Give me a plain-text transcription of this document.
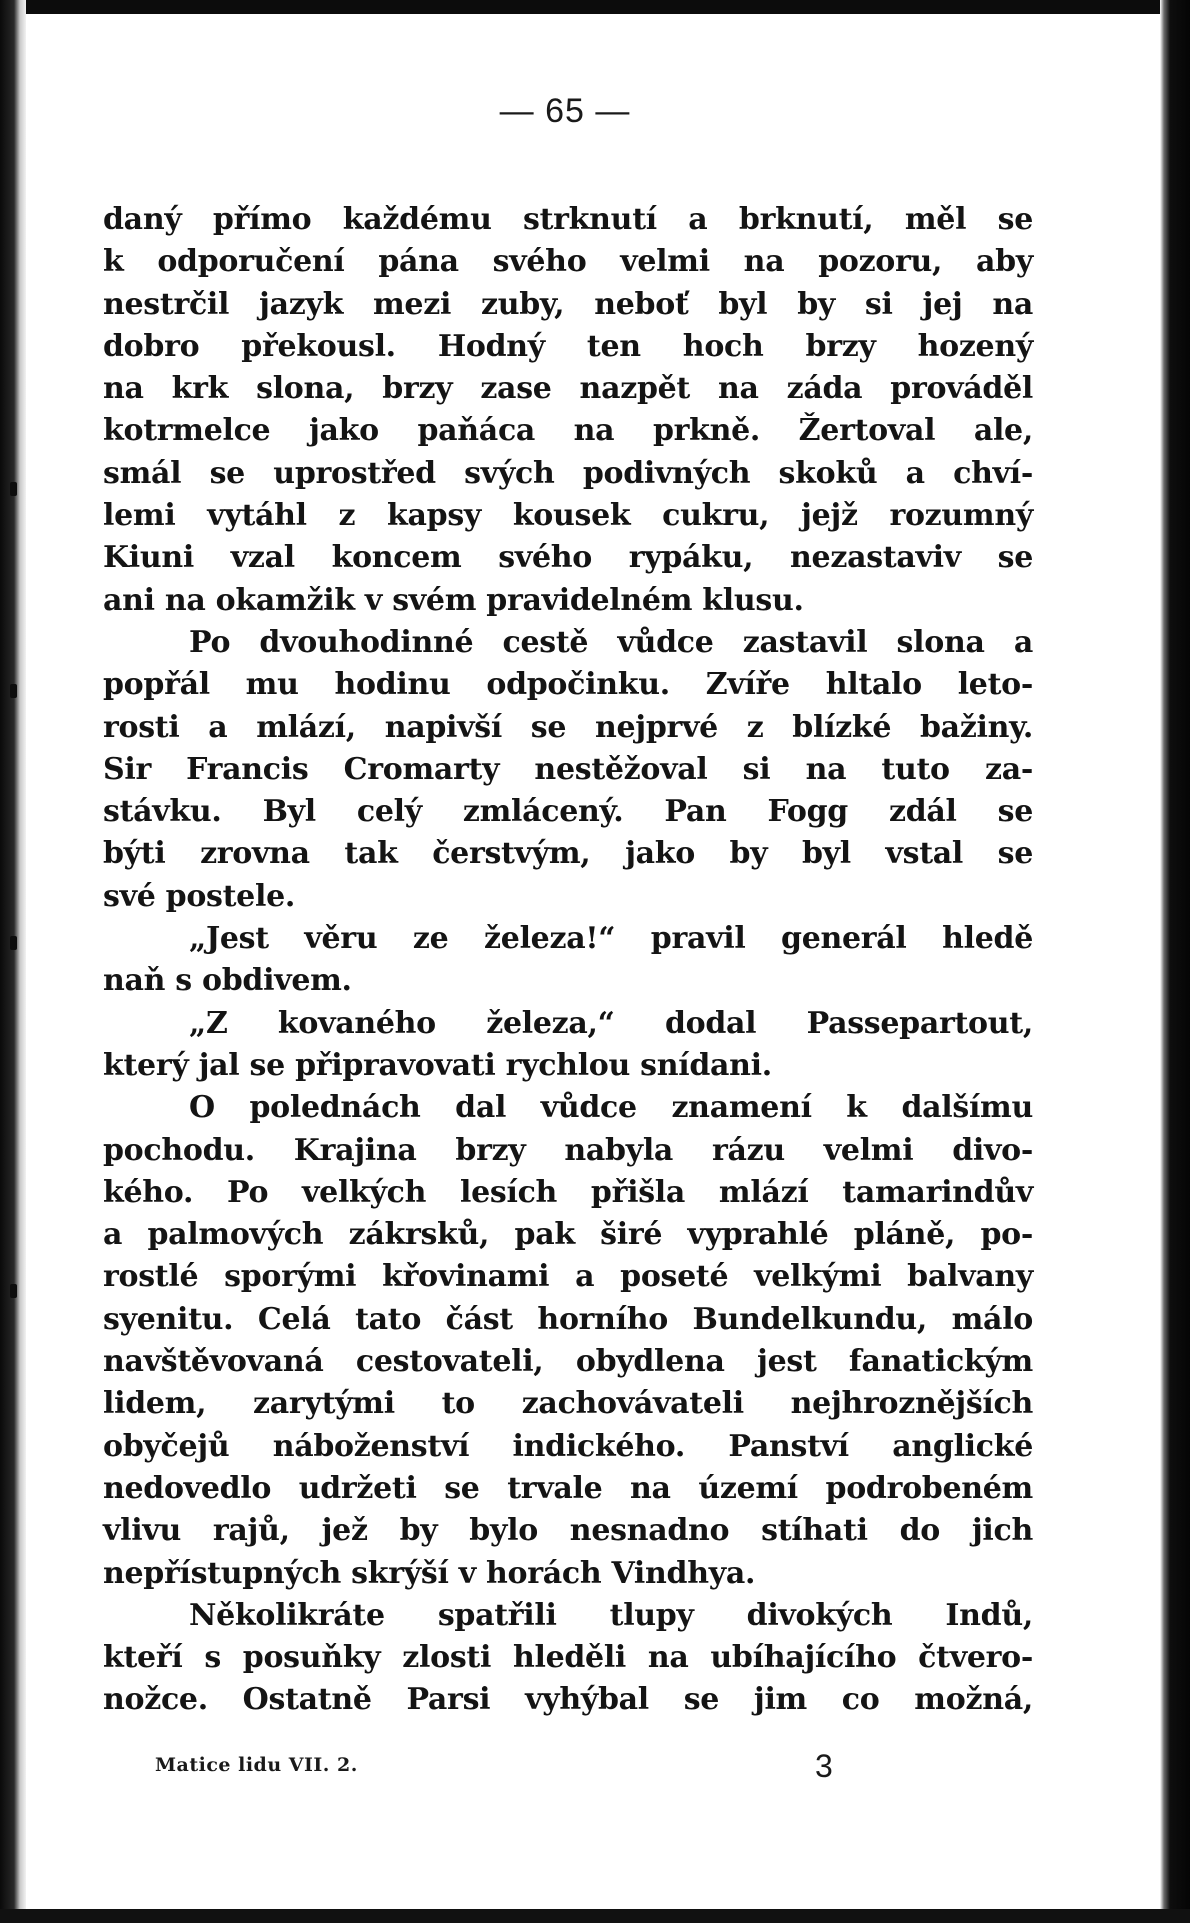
— 65 —
daný přímo každému strknutí a brknutí, měl se
k odporučení pána svého velmi na pozoru, aby
nestrčil jazyk mezi zuby, neboť byl by si jej na
dobro překousl. Hodný ten hoch brzy hozený
na krk slona, brzy zase nazpět na záda prováděl
kotrmelce jako paňáca na prkně. Žertoval ale,
smál se uprostřed svých podivných skoků a chví-
lemi vytáhl z kapsy kousek cukru, jejž rozumný
Kiuni vzal koncem svého rypáku, nezastaviv se
ani na okamžik v svém pravidelném klusu.
Po dvouhodinné cestě vůdce zastavil slona a
popřál mu hodinu odpočinku. Zvíře hltalo leto-
rosti a mlází, napivší se nejprvé z blízké bažiny.
Sir Francis Cromarty nestěžoval si na tuto za-
stávku. Byl celý zmlácený. Pan Fogg zdál se
býti zrovna tak čerstvým, jako by byl vstal se
své postele.
„Jest věru ze železa!“ pravil generál hledě
naň s obdivem.
„Z kovaného železa,“ dodal Passepartout,
který jal se připravovati rychlou snídani.
O polednách dal vůdce znamení k dalšímu
pochodu. Krajina brzy nabyla rázu velmi divo-
kého. Po velkých lesích přišla mlází tamarindův
a palmových zákrsků, pak širé vyprahlé pláně, po-
rostlé sporými křovinami a poseté velkými balvany
syenitu. Celá tato část horního Bundelkundu, málo
navštěvovaná cestovateli, obydlena jest fanatickým
lidem, zarytými to zachovávateli nejhroznějších
obyčejů náboženství indického. Panství anglické
nedovedlo udržeti se trvale na území podrobeném
vlivu rajů, jež by bylo nesnadno stíhati do jich
nepřístupných skrýší v horách Vindhya.
Několikráte spatřili tlupy divokých Indů,
kteří s posuňky zlosti hleděli na ubíhajícího čtvero-
nožce. Ostatně Parsi vyhýbal se jim co možná,
Matice lidu VII. 2.	3
